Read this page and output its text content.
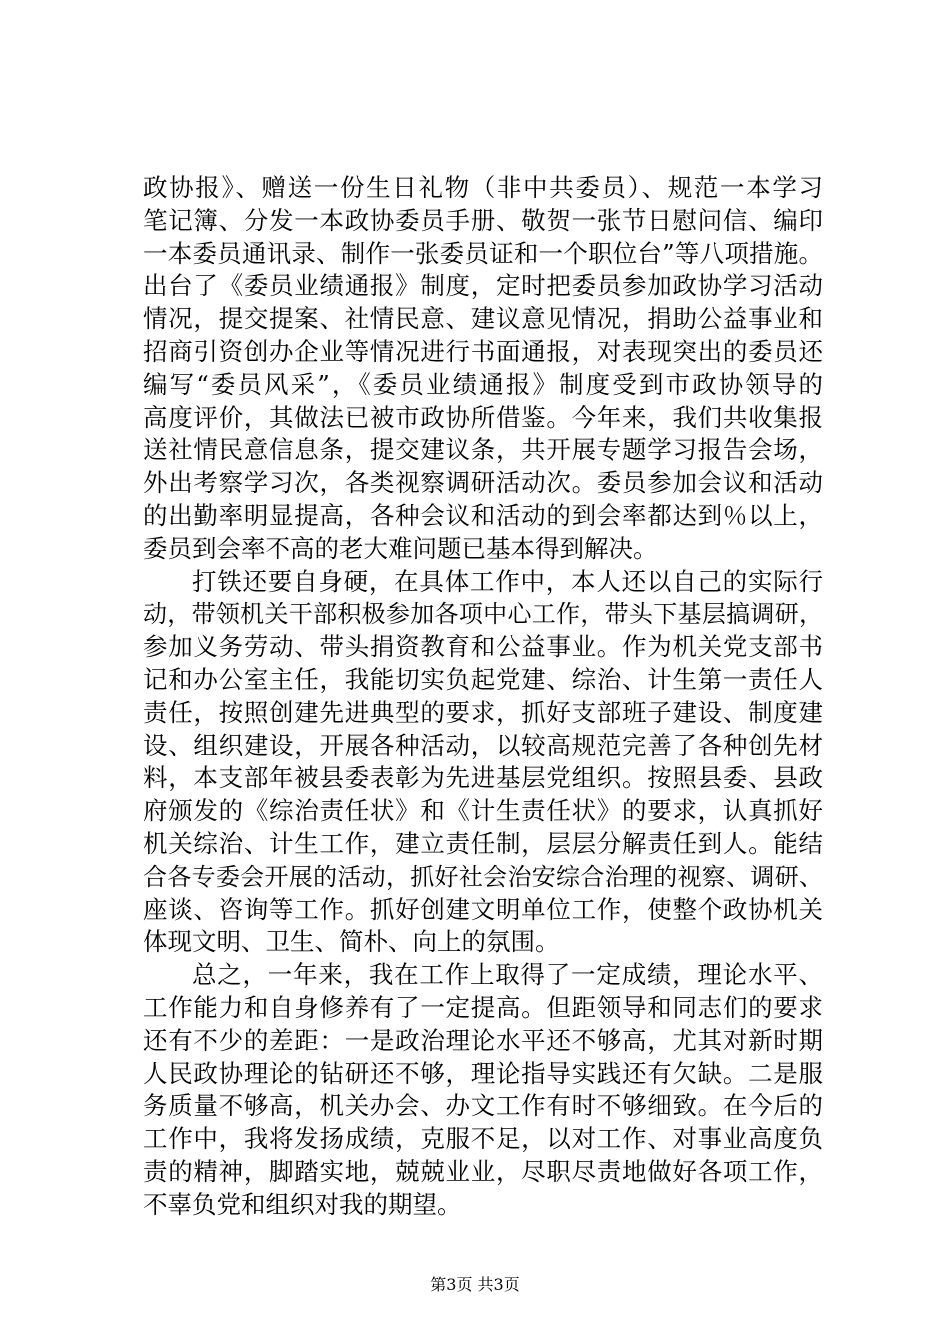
政协报》、赠送一份生日礼物（非中共委员）、规范一本学习
笔记簿、分发一本政协委员手册、敬贺一张节日慰问信、编印
一本委员通讯录、制作一张委员证和一个职位台”等八项措施。
出台了《委员业绩通报》制度，定时把委员参加政协学习活动
情况，提交提案、社情民意、建议意见情况，捐助公益事业和
招商引资创办企业等情况进行书面通报，对表现突出的委员还
编写“委员风采”，《委员业绩通报》制度受到市政协领导的
高度评价，其做法已被市政协所借鉴。今年来，我们共收集报
送社情民意信息条，提交建议条，共开展专题学习报告会场，
外出考察学习次，各类视察调研活动次。委员参加会议和活动
的出勤率明显提高，各种会议和活动的到会率都达到％以上，
委员到会率不高的老大难问题已基本得到解决。
打铁还要自身硬，在具体工作中，本人还以自己的实际行
动，带领机关干部积极参加各项中心工作，带头下基层搞调研，
参加义务劳动、带头捐资教育和公益事业。作为机关党支部书
记和办公室主任，我能切实负起党建、综治、计生第一责任人
责任，按照创建先进典型的要求，抓好支部班子建设、制度建
设、组织建设，开展各种活动，以较高规范完善了各种创先材
料，本支部年被县委表彰为先进基层党组织。按照县委、县政
府颁发的《综治责任状》和《计生责任状》的要求，认真抓好
机关综治、计生工作，建立责任制，层层分解责任到人。能结
合各专委会开展的活动，抓好社会治安综合治理的视察、调研、
座谈、咨询等工作。抓好创建文明单位工作，使整个政协机关
体现文明、卫生、简朴、向上的氛围。
总之，一年来，我在工作上取得了一定成绩，理论水平、
工作能力和自身修养有了一定提高。但距领导和同志们的要求
还有不少的差距：一是政治理论水平还不够高，尤其对新时期
人民政协理论的钻研还不够，理论指导实践还有欠缺。二是服
务质量不够高，机关办会、办文工作有时不够细致。在今后的
工作中，我将发扬成绩，克服不足，以对工作、对事业高度负
责的精神，脚踏实地，兢兢业业，尽职尽责地做好各项工作，
不辜负党和组织对我的期望。
第3页 共3页
